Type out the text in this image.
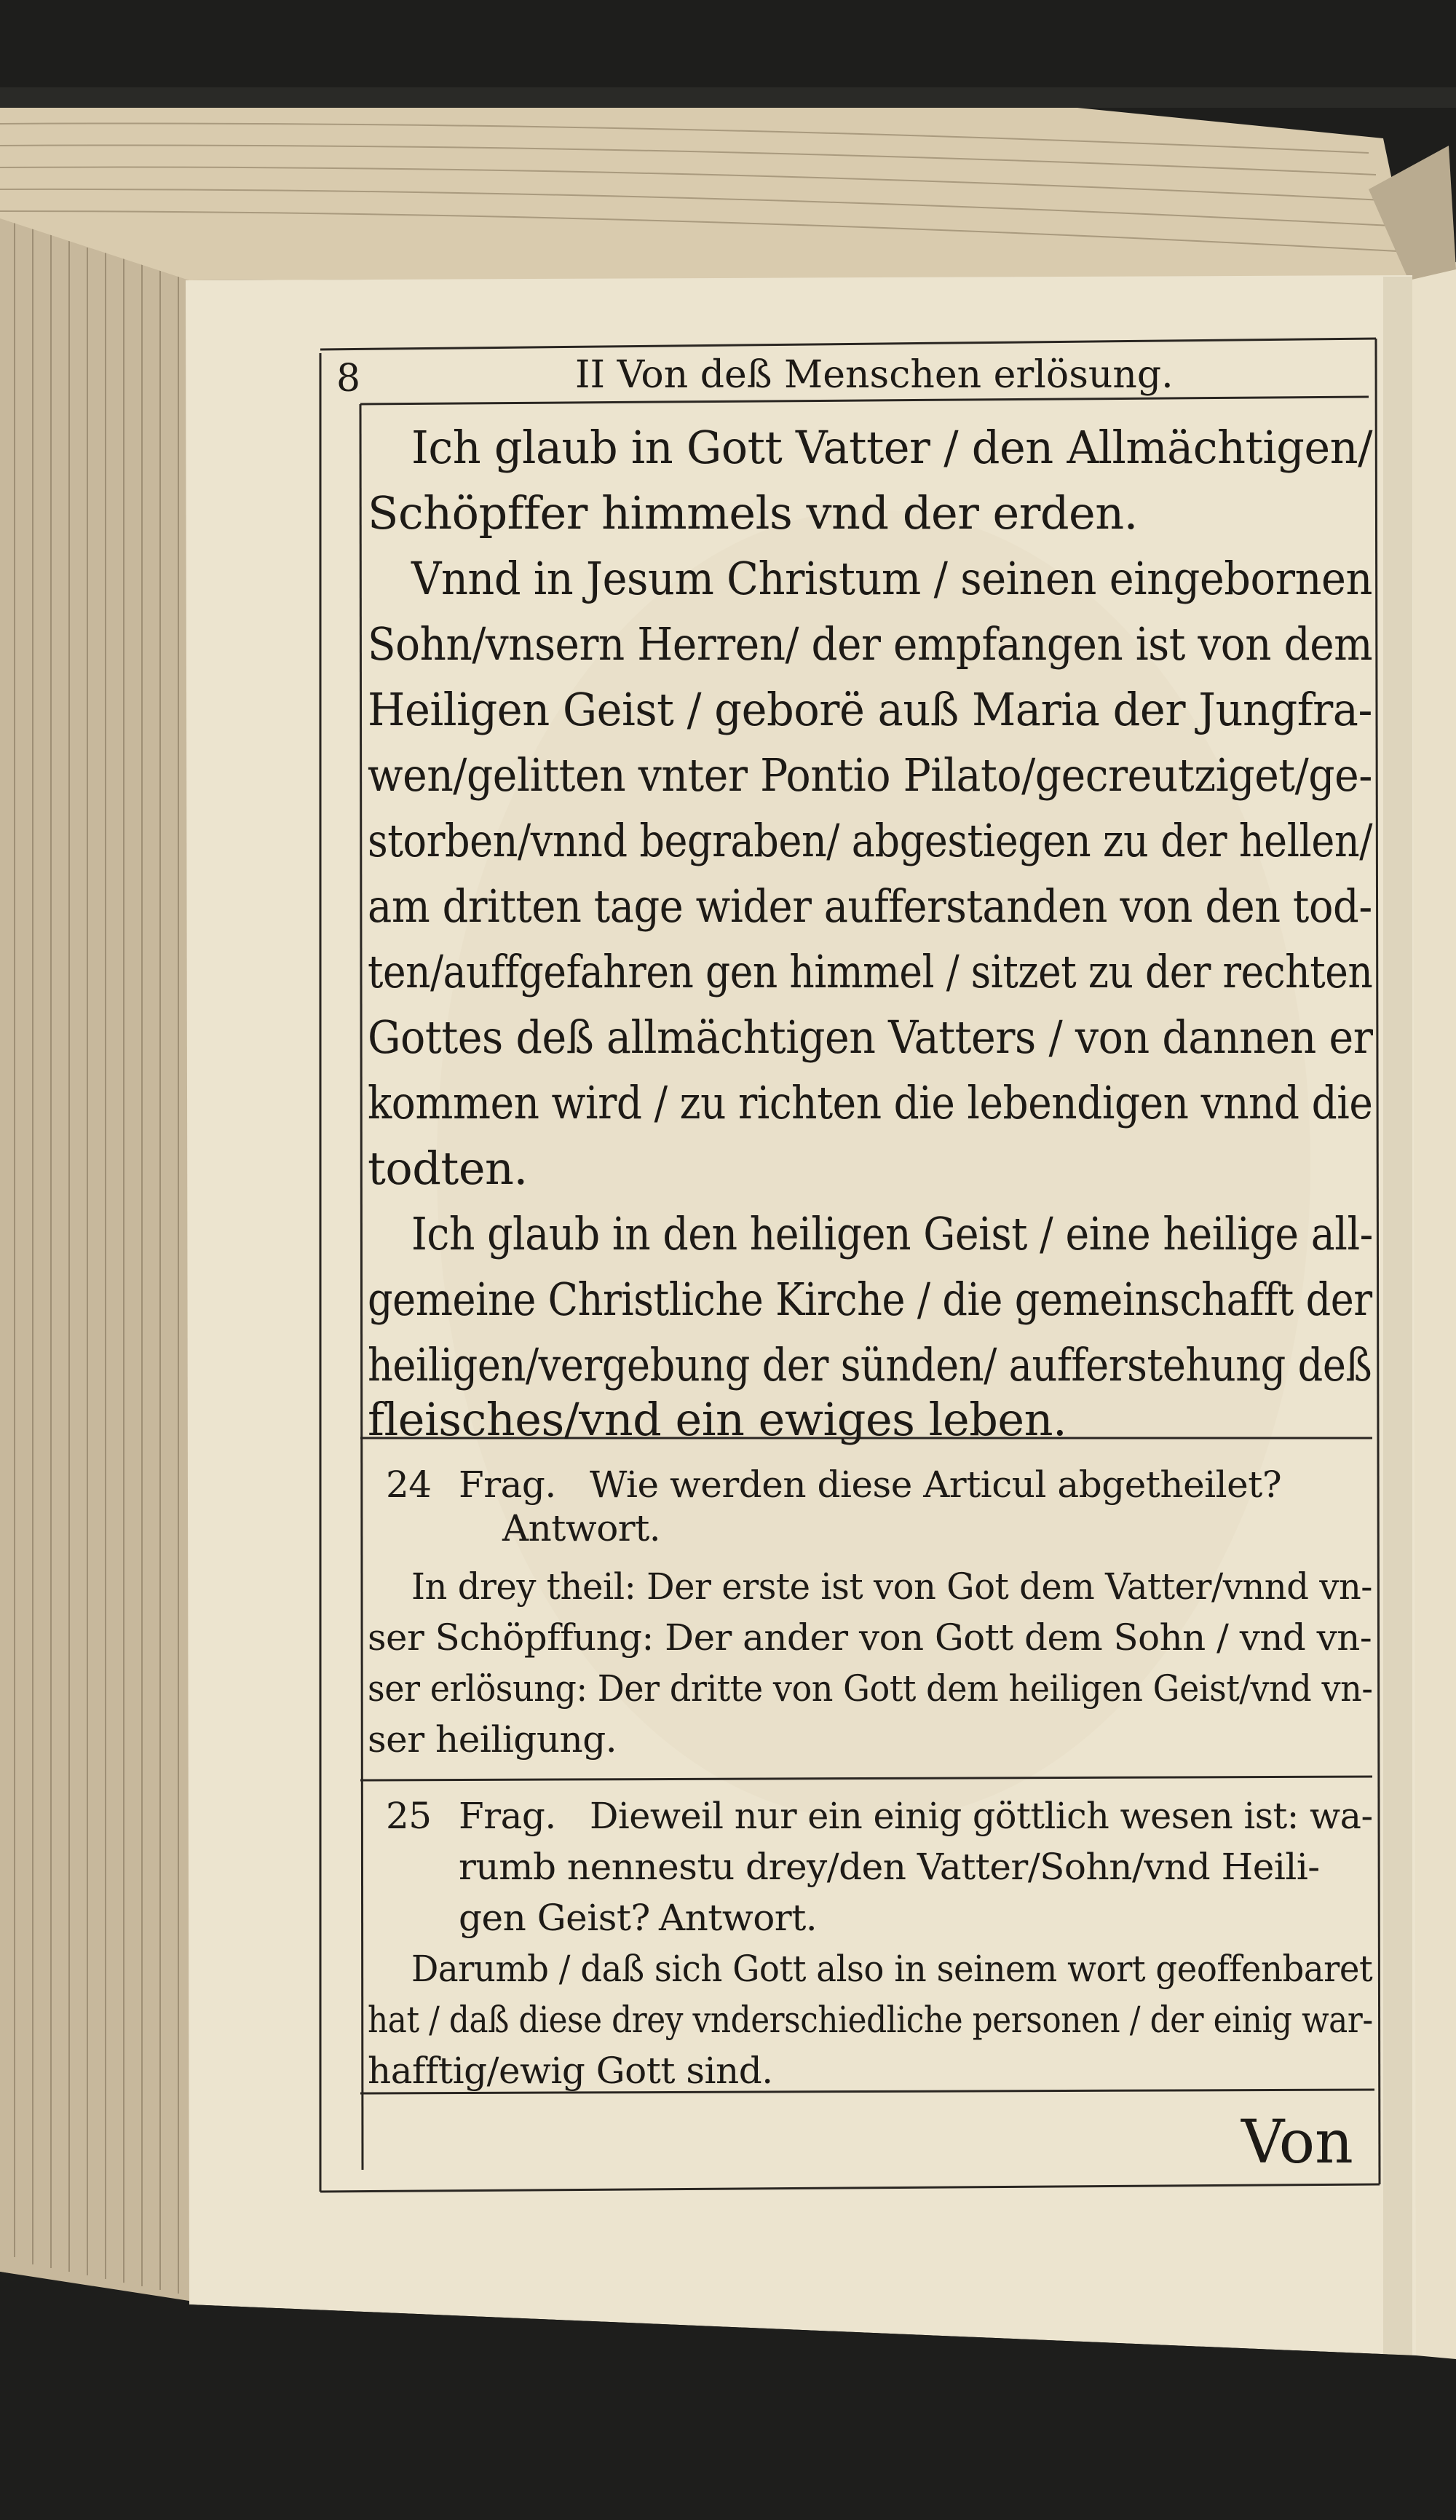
8	II Von deß Menschen erlösung.
Ich glaub in Gott Vatter / den Allmächtigen/
Schöpffer himmels vnd der erden.
Vnnd in Jesum Christum / seinen eingebornen
Sohn/vnsern Herren/ der empfangen ist von dem
Heiligen Geist / geborë auß Maria der Jungfra-
wen/gelitten vnter Pontio Pilato/gecreutziget/ge-
storben/vnnd begraben/ abgestiegen zu der hellen/
am dritten tage wider aufferstanden von den tod-
ten/auffgefahren gen himmel / sitzet zu der rechten
Gottes deß allmächtigen Vatters / von dannen er
kommen wird / zu richten die lebendigen vnnd die
todten.
Ich glaub in den heiligen Geist / eine heilige all-
gemeine Christliche Kirche / die gemeinschafft der
heiligen/vergebung der sünden/ aufferstehung deß
fleisches/vnd ein ewiges leben.
24 Frag. Wie werden diese Articul abgetheilet?
Antwort.
In drey theil: Der erste ist von Got dem Vatter/vnnd vn-
ser Schöpffung: Der ander von Gott dem Sohn / vnd vn-
ser erlösung: Der dritte von Gott dem heiligen Geist/vnd vn-
ser heiligung.
25 Frag. Dieweil nur ein einig göttlich wesen ist: wa-
rumb nennestu drey/den Vatter/Sohn/vnd Heili-
gen Geist? Antwort.
Darumb / daß sich Gott also in seinem wort geoffenbaret
hat / daß diese drey vnderschiedliche personen / der einig war-
hafftig/ewig Gott sind.
Von
